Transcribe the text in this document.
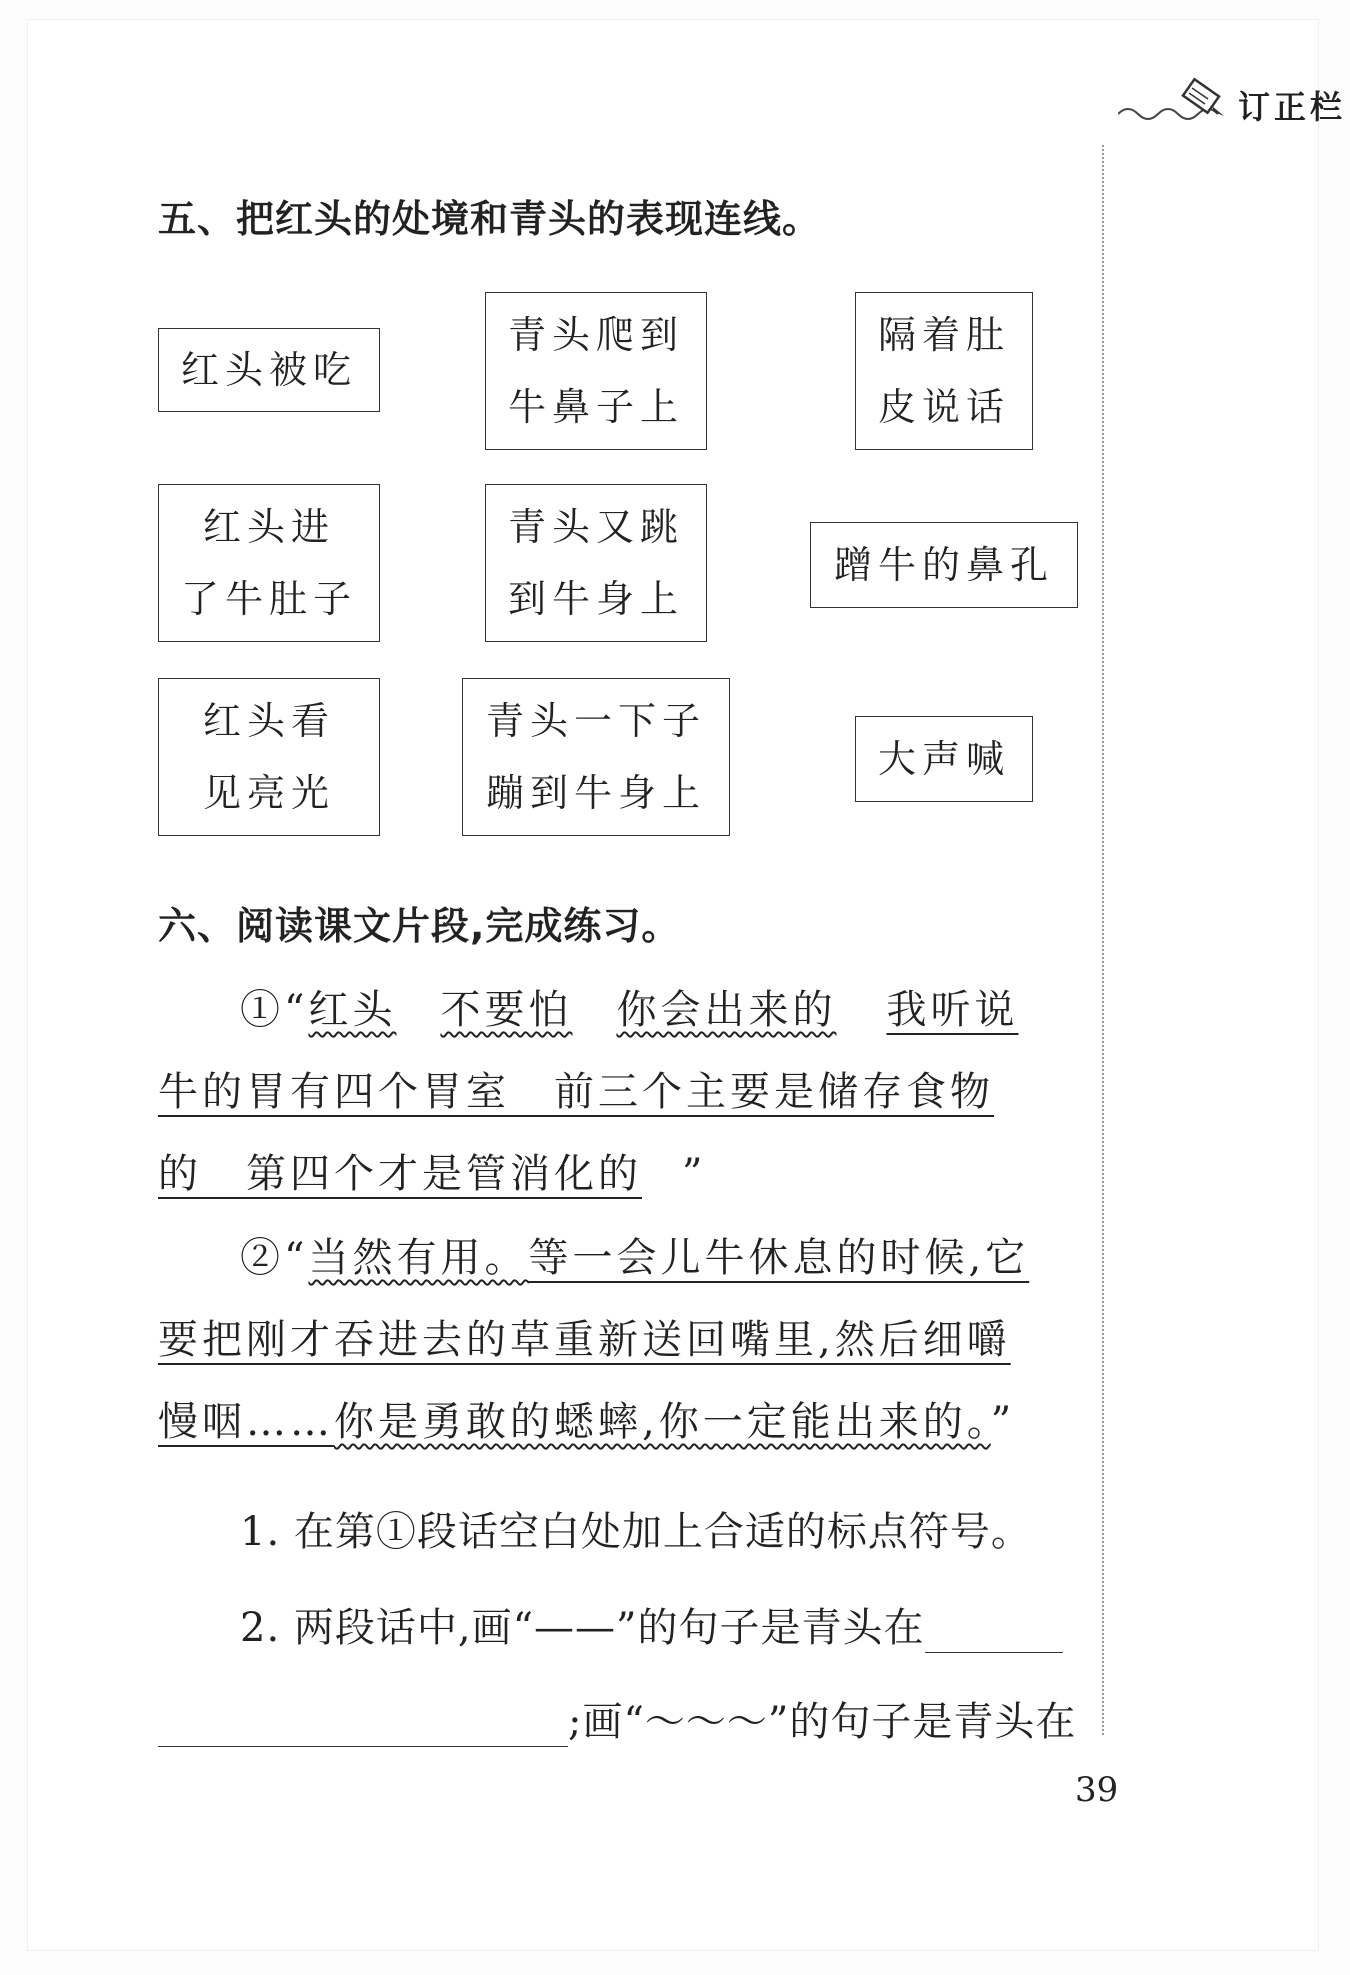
订正栏
五、把红头的处境和青头的表现连线。
红头被吃
红头进
了牛肚子
红头看
见亮光
青头爬到
牛鼻子上
青头又跳
到牛身上
青头一下子
蹦到牛身上
隔着肚
皮说话
蹭牛的鼻孔
大声喊
六、阅读课文片段,完成练习。
①“红头 不要怕 你会出来的 我听说
牛的胃有四个胃室　前三个主要是储存食物
的　第四个才是管消化的 ”
②“当然有用。等一会儿牛休息的时候,它
要把刚才吞进去的草重新送回嘴里,然后细嚼
慢咽……你是勇敢的蟋蟀,你一定能出来的。”
1. 在第①段话空白处加上合适的标点符号。
2. 两段话中,画“——”的句子是青头在
;画“～～～”的句子是青头在
39
